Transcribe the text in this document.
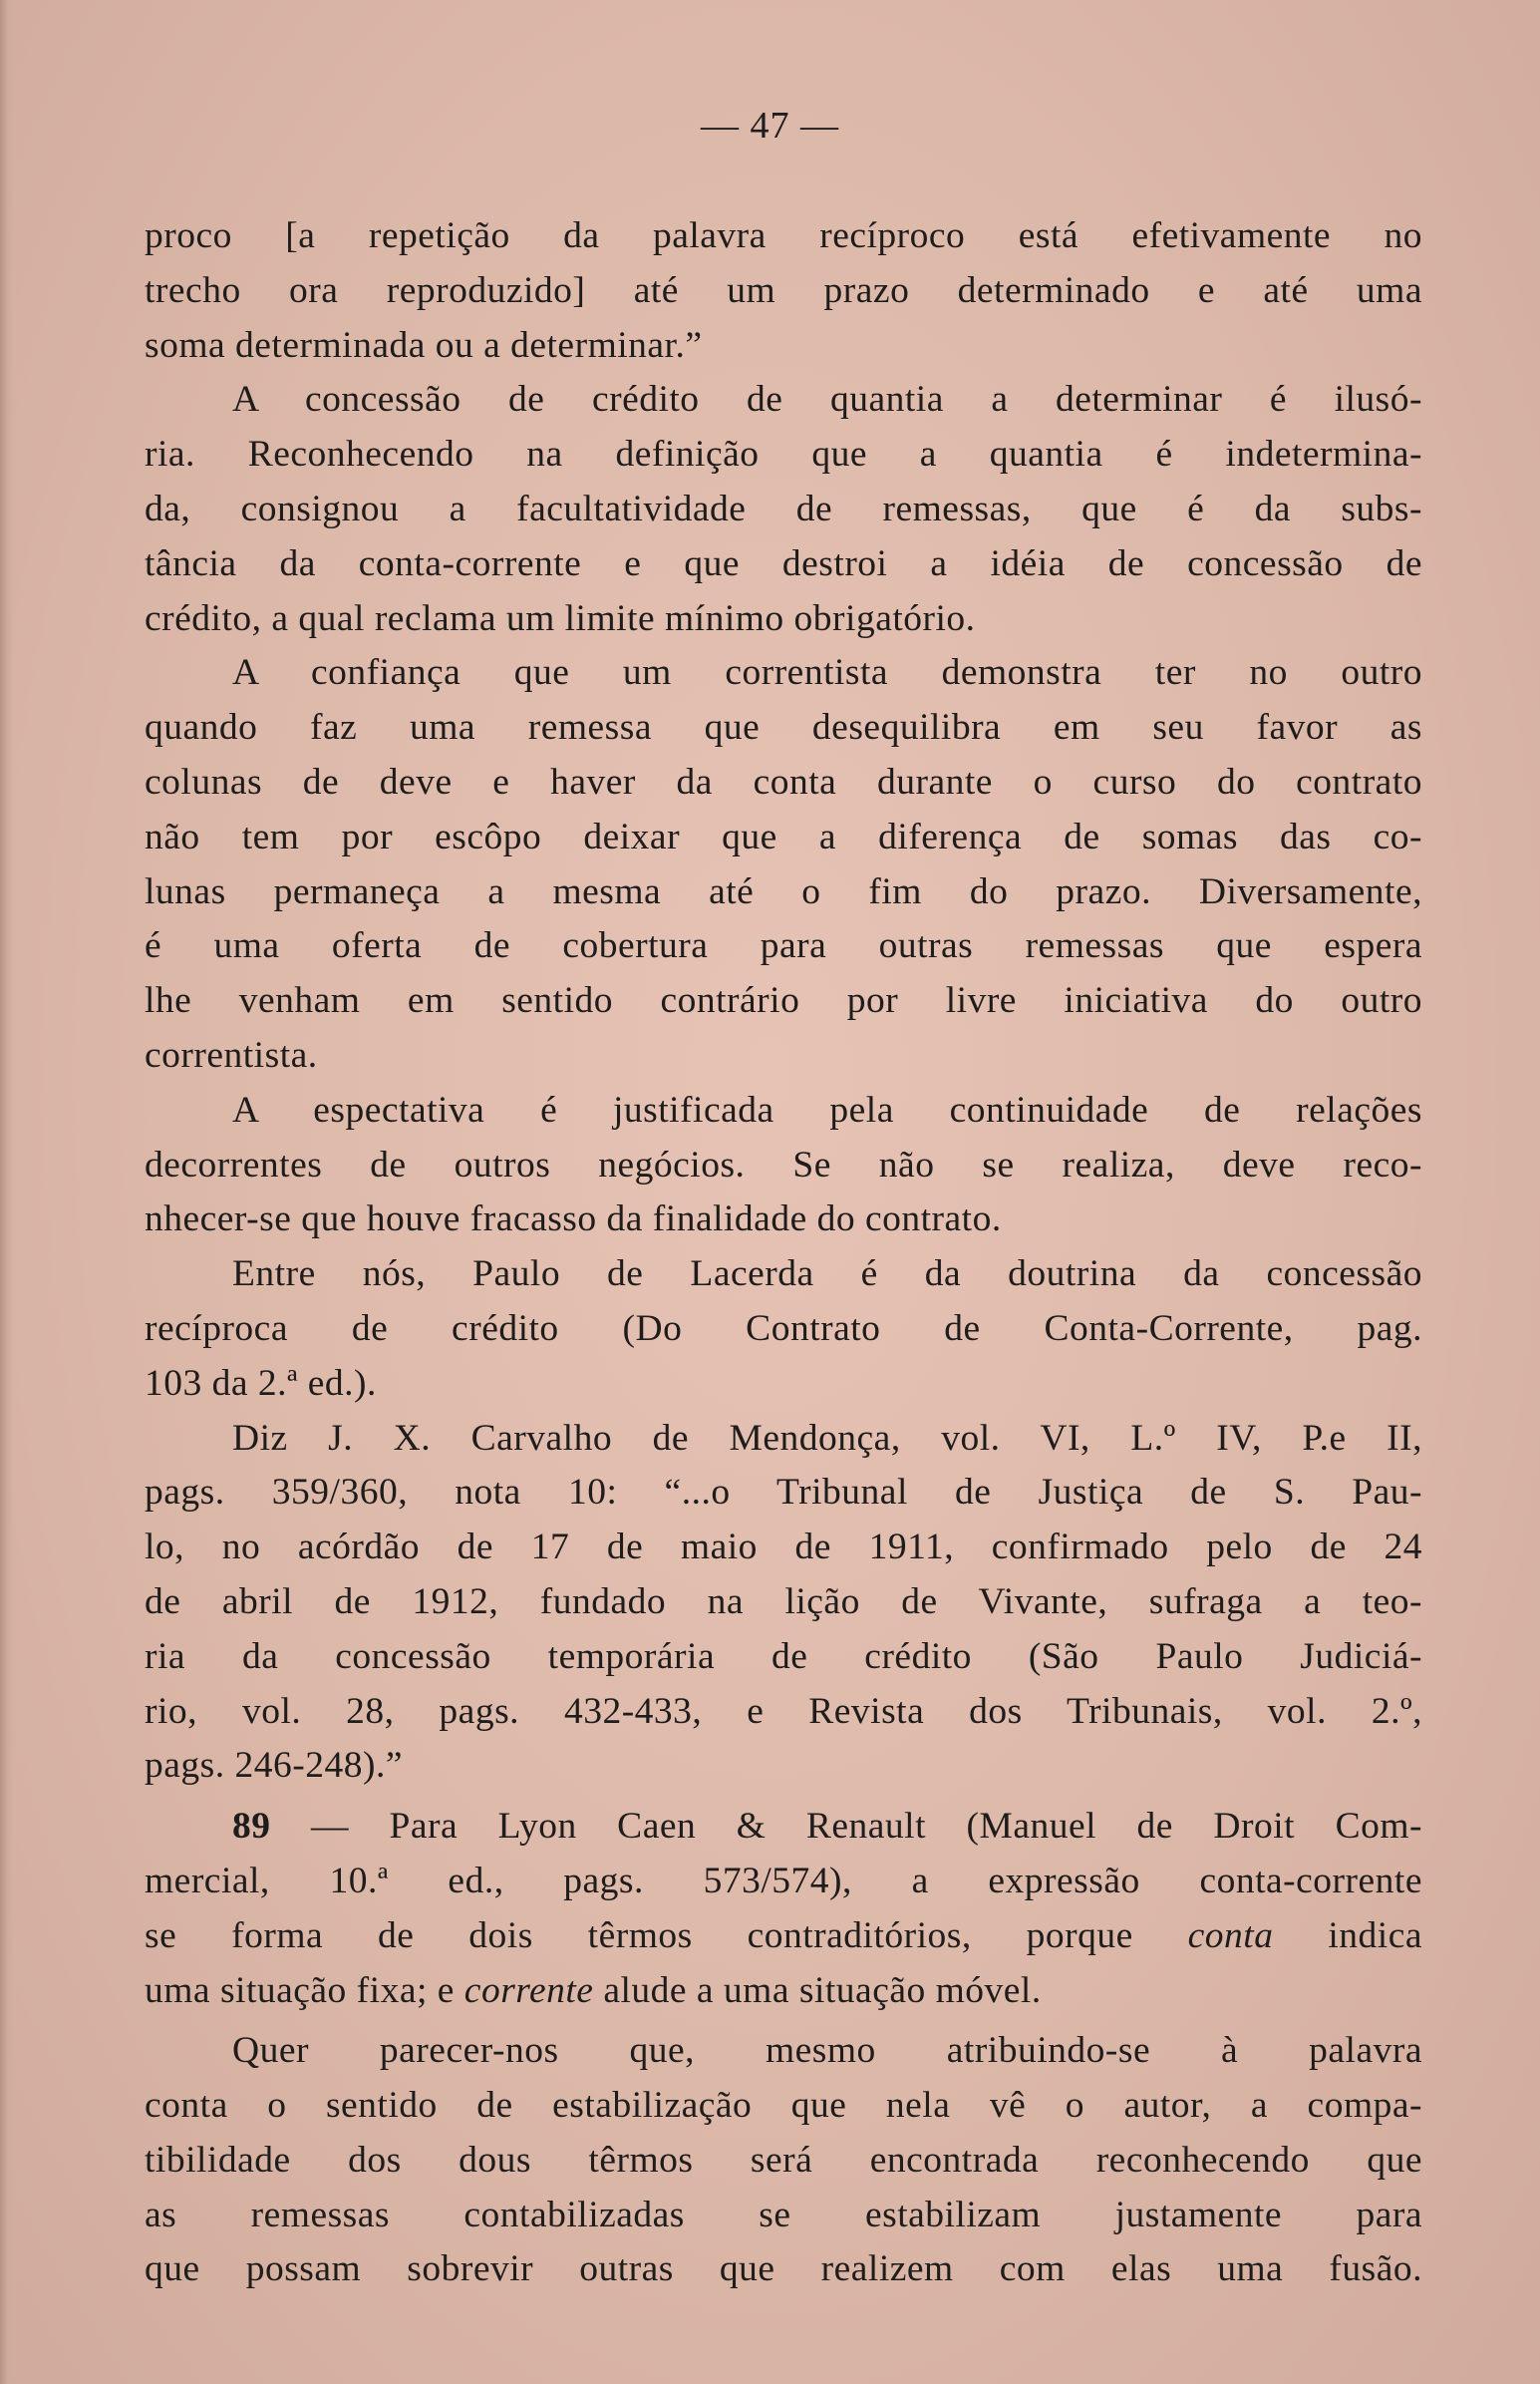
— 47 —
proco [a repetição da palavra recíproco está efetivamente no
trecho ora reproduzido] até um prazo determinado e até uma
soma determinada ou a determinar.”
A concessão de crédito de quantia a determinar é ilusó-
ria. Reconhecendo na definição que a quantia é indetermina-
da, consignou a facultatividade de remessas, que é da subs-
tância da conta-corrente e que destroi a idéia de concessão de
crédito, a qual reclama um limite mínimo obrigatório.
A confiança que um correntista demonstra ter no outro
quando faz uma remessa que desequilibra em seu favor as
colunas de deve e haver da conta durante o curso do contrato
não tem por escôpo deixar que a diferença de somas das co-
lunas permaneça a mesma até o fim do prazo. Diversamente,
é uma oferta de cobertura para outras remessas que espera
lhe venham em sentido contrário por livre iniciativa do outro
correntista.
A espectativa é justificada pela continuidade de relações
decorrentes de outros negócios. Se não se realiza, deve reco-
nhecer-se que houve fracasso da finalidade do contrato.
Entre nós, Paulo de Lacerda é da doutrina da concessão
recíproca de crédito (Do Contrato de Conta-Corrente, pag.
103 da 2.ª ed.).
Diz J. X. Carvalho de Mendonça, vol. VI, L.º IV, P.e II,
pags. 359/360, nota 10: “...o Tribunal de Justiça de S. Pau-
lo, no acórdão de 17 de maio de 1911, confirmado pelo de 24
de abril de 1912, fundado na lição de Vivante, sufraga a teo-
ria da concessão temporária de crédito (São Paulo Judiciá-
rio, vol. 28, pags. 432-433, e Revista dos Tribunais, vol. 2.º,
pags. 246-248).”
89 — Para Lyon Caen & Renault (Manuel de Droit Com-
mercial, 10.ª ed., pags. 573/574), a expressão conta-corrente
se forma de dois têrmos contraditórios, porque conta indica
uma situação fixa; e corrente alude a uma situação móvel.
Quer parecer-nos que, mesmo atribuindo-se à palavra
conta o sentido de estabilização que nela vê o autor, a compa-
tibilidade dos dous têrmos será encontrada reconhecendo que
as remessas contabilizadas se estabilizam justamente para
que possam sobrevir outras que realizem com elas uma fusão.
